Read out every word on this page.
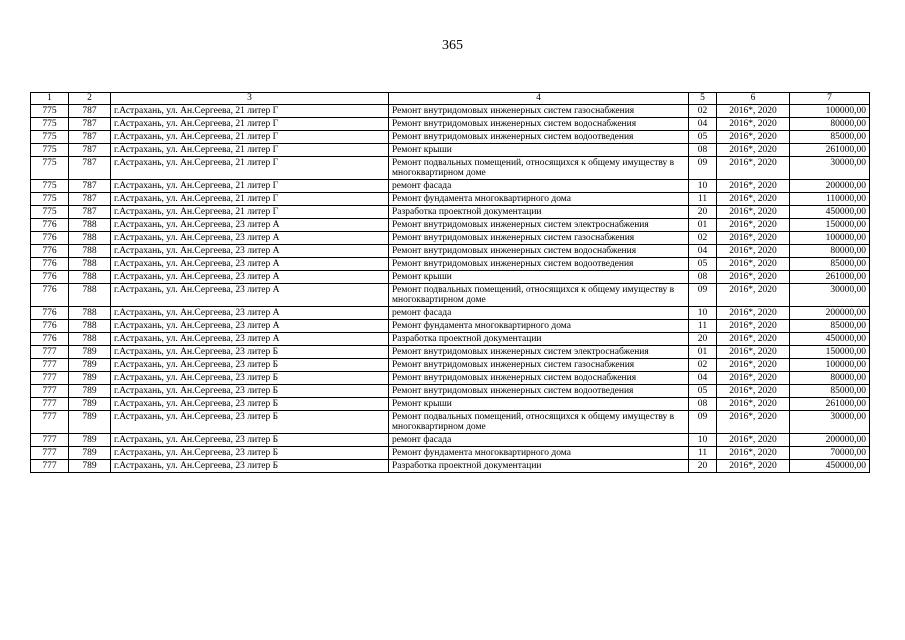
365
1	2	3	4	5	6	7
775	787	г.Астрахань, ул. Ан.Сергеева, 21 литер Г	Ремонт внутридомовых инженерных систем газоснабжения	02	2016*, 2020	100000,00
775	787	г.Астрахань, ул. Ан.Сергеева, 21 литер Г	Ремонт внутридомовых инженерных систем водоснабжения	04	2016*, 2020	80000,00
775	787	г.Астрахань, ул. Ан.Сергеева, 21 литер Г	Ремонт внутридомовых инженерных систем водоотведения	05	2016*, 2020	85000,00
775	787	г.Астрахань, ул. Ан.Сергеева, 21 литер Г	Ремонт крыши	08	2016*, 2020	261000,00
775	787	г.Астрахань, ул. Ан.Сергеева, 21 литер Г	Ремонт подвальных помещений, относящихся к общему имуществу в многоквартирном доме	09	2016*, 2020	30000,00
775	787	г.Астрахань, ул. Ан.Сергеева, 21 литер Г	ремонт фасада	10	2016*, 2020	200000,00
775	787	г.Астрахань, ул. Ан.Сергеева, 21 литер Г	Ремонт фундамента многоквартирного дома	11	2016*, 2020	110000,00
775	787	г.Астрахань, ул. Ан.Сергеева, 21 литер Г	Разработка проектной документации	20	2016*, 2020	450000,00
776	788	г.Астрахань, ул. Ан.Сергеева, 23 литер А	Ремонт внутридомовых инженерных систем электроснабжения	01	2016*, 2020	150000,00
776	788	г.Астрахань, ул. Ан.Сергеева, 23 литер А	Ремонт внутридомовых инженерных систем газоснабжения	02	2016*, 2020	100000,00
776	788	г.Астрахань, ул. Ан.Сергеева, 23 литер А	Ремонт внутридомовых инженерных систем водоснабжения	04	2016*, 2020	80000,00
776	788	г.Астрахань, ул. Ан.Сергеева, 23 литер А	Ремонт внутридомовых инженерных систем водоотведения	05	2016*, 2020	85000,00
776	788	г.Астрахань, ул. Ан.Сергеева, 23 литер А	Ремонт крыши	08	2016*, 2020	261000,00
776	788	г.Астрахань, ул. Ан.Сергеева, 23 литер А	Ремонт подвальных помещений, относящихся к общему имуществу в многоквартирном доме	09	2016*, 2020	30000,00
776	788	г.Астрахань, ул. Ан.Сергеева, 23 литер А	ремонт фасада	10	2016*, 2020	200000,00
776	788	г.Астрахань, ул. Ан.Сергеева, 23 литер А	Ремонт фундамента многоквартирного дома	11	2016*, 2020	85000,00
776	788	г.Астрахань, ул. Ан.Сергеева, 23 литер А	Разработка проектной документации	20	2016*, 2020	450000,00
777	789	г.Астрахань, ул. Ан.Сергеева, 23 литер Б	Ремонт внутридомовых инженерных систем электроснабжения	01	2016*, 2020	150000,00
777	789	г.Астрахань, ул. Ан.Сергеева, 23 литер Б	Ремонт внутридомовых инженерных систем газоснабжения	02	2016*, 2020	100000,00
777	789	г.Астрахань, ул. Ан.Сергеева, 23 литер Б	Ремонт внутридомовых инженерных систем водоснабжения	04	2016*, 2020	80000,00
777	789	г.Астрахань, ул. Ан.Сергеева, 23 литер Б	Ремонт внутридомовых инженерных систем водоотведения	05	2016*, 2020	85000,00
777	789	г.Астрахань, ул. Ан.Сергеева, 23 литер Б	Ремонт крыши	08	2016*, 2020	261000,00
777	789	г.Астрахань, ул. Ан.Сергеева, 23 литер Б	Ремонт подвальных помещений, относящихся к общему имуществу в многоквартирном доме	09	2016*, 2020	30000,00
777	789	г.Астрахань, ул. Ан.Сергеева, 23 литер Б	ремонт фасада	10	2016*, 2020	200000,00
777	789	г.Астрахань, ул. Ан.Сергеева, 23 литер Б	Ремонт фундамента многоквартирного дома	11	2016*, 2020	70000,00
777	789	г.Астрахань, ул. Ан.Сергеева, 23 литер Б	Разработка проектной документации	20	2016*, 2020	450000,00
